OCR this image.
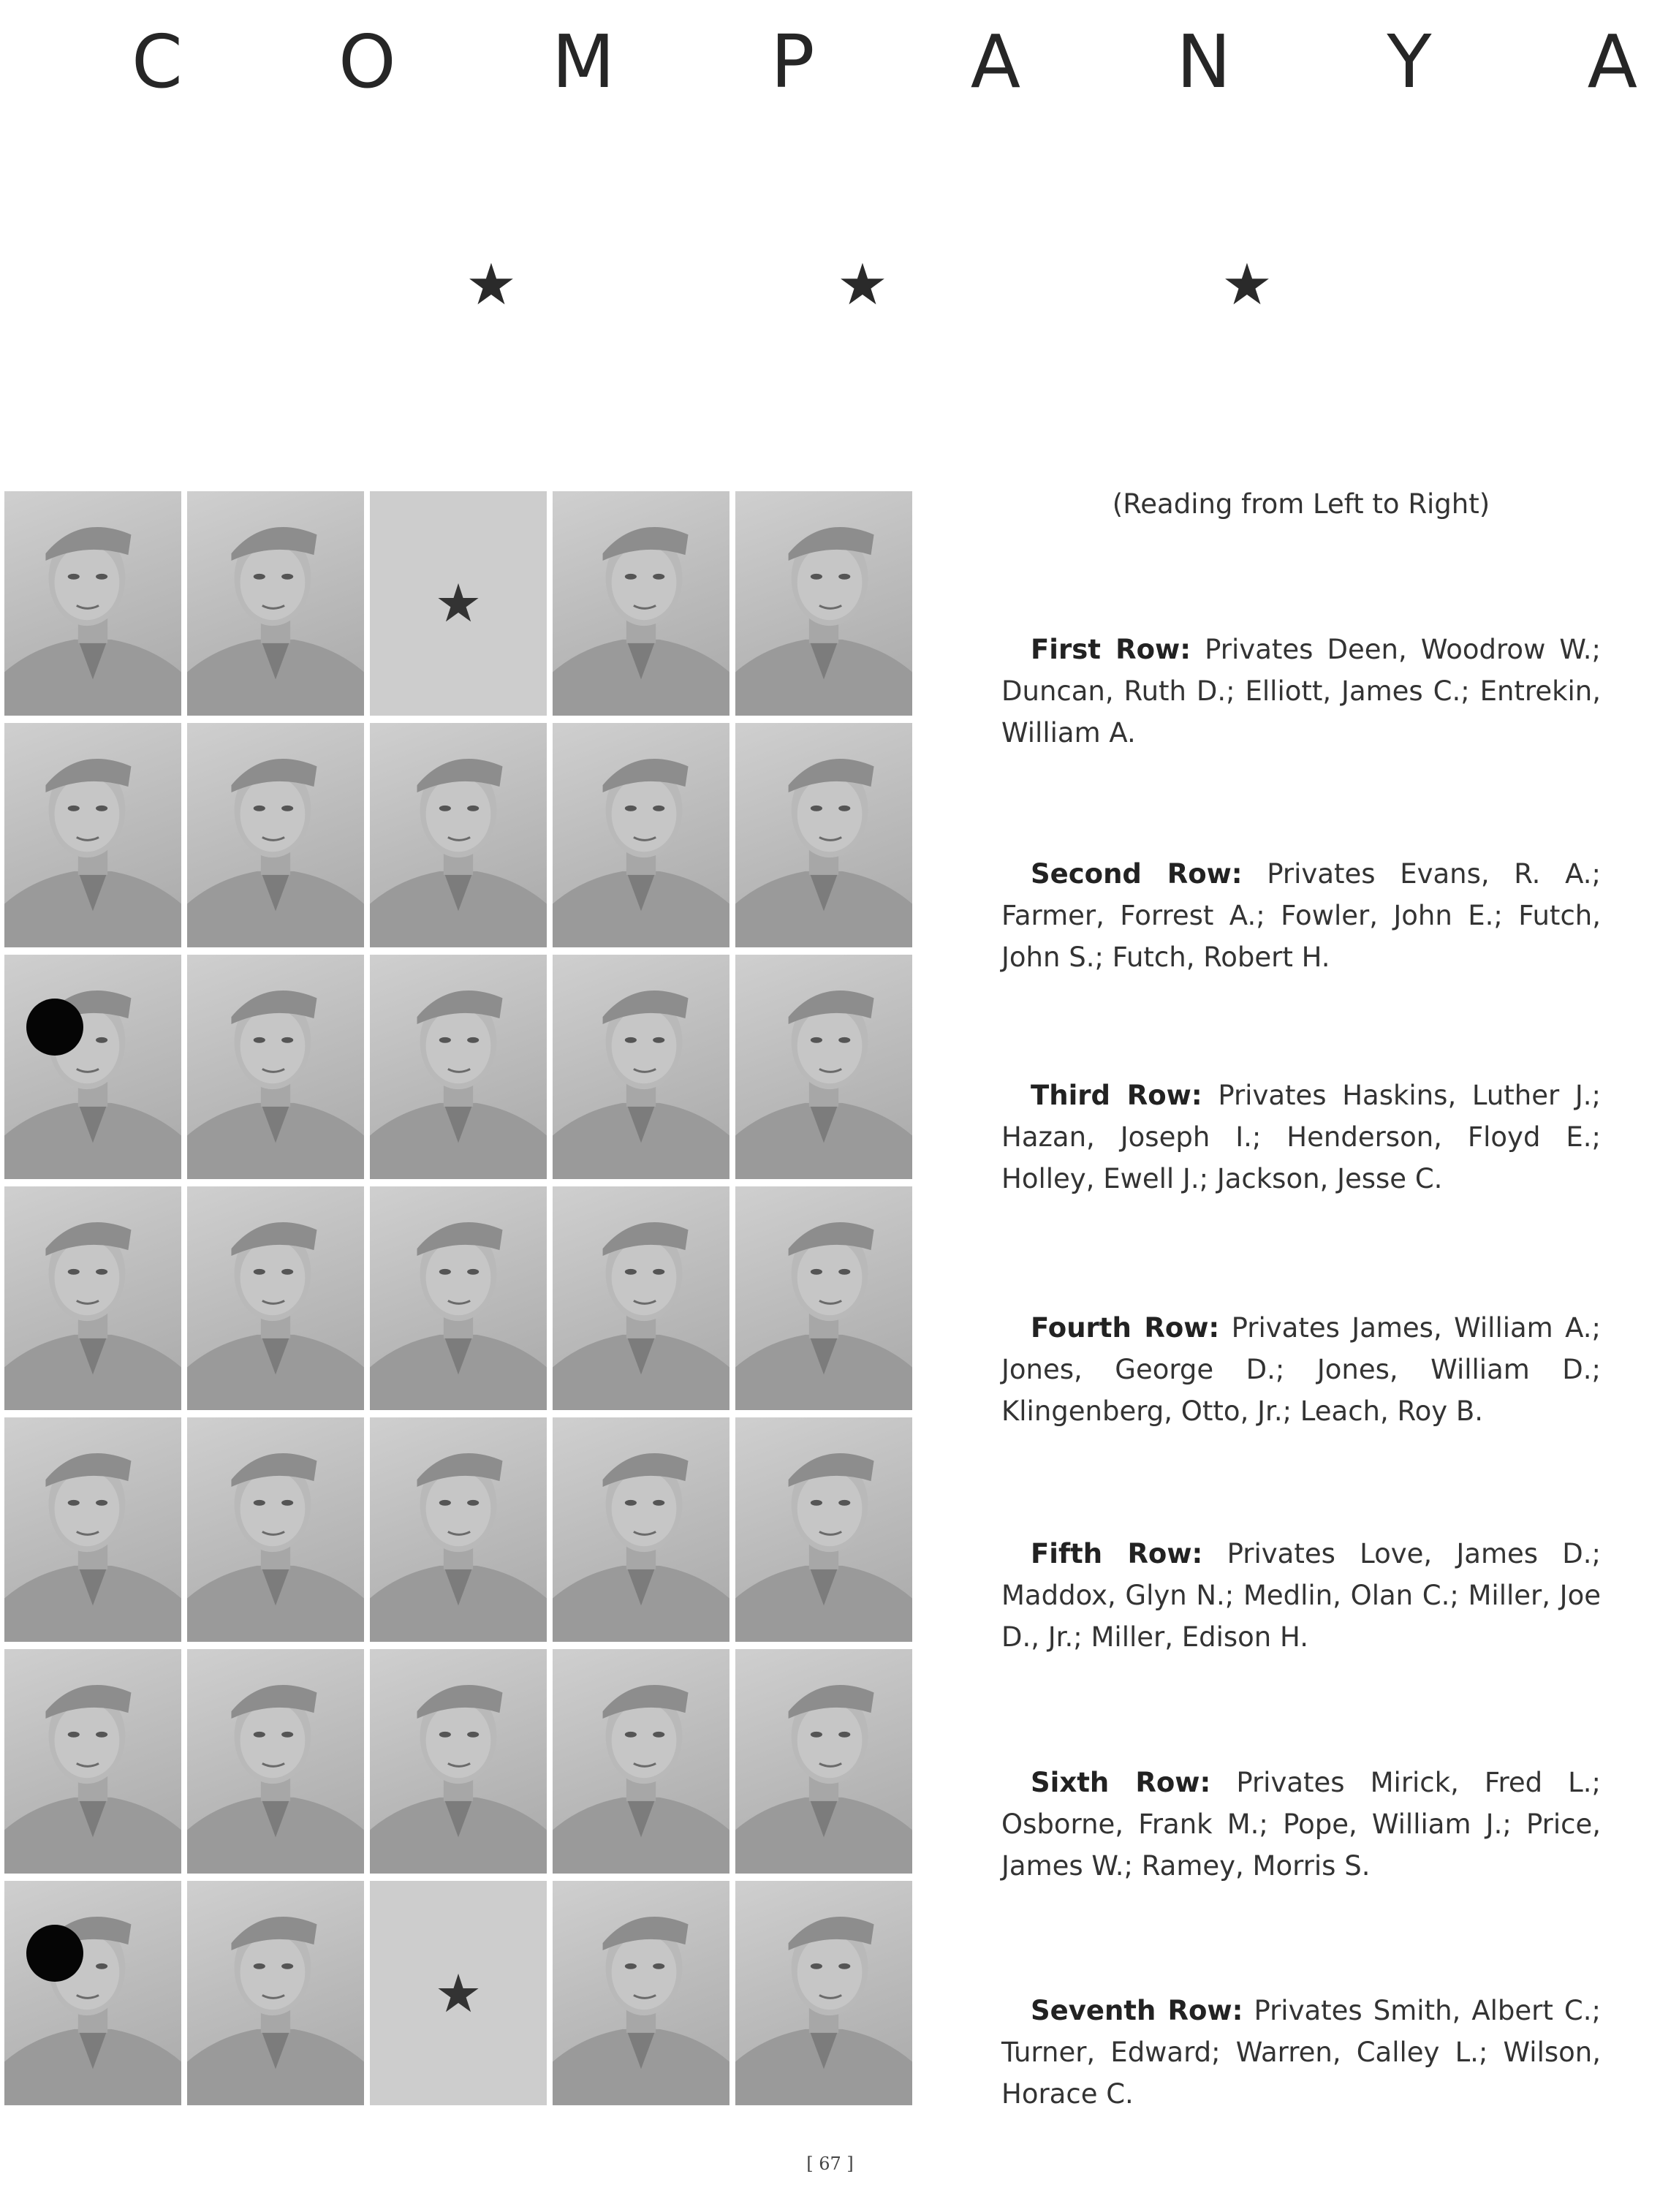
C O M P A N Y A
★	★	★
★
★
(Reading from Left to Right)
First Row: Privates Deen, Woodrow W.; Duncan, Ruth D.; Elliott, James C.; Entrekin, William A.
Second Row: Privates Evans, R. A.; Farmer, Forrest A.; Fowler, John E.; Futch, John S.; Futch, Robert H.
Third Row: Privates Haskins, Luther J.; Hazan, Joseph I.; Henderson, Floyd E.; Holley, Ewell J.; Jackson, Jesse C.
Fourth Row: Privates James, William A.; Jones, George D.; Jones, William D.; Klingenberg, Otto, Jr.; Leach, Roy B.
Fifth Row: Privates Love, James D.; Maddox, Glyn N.; Medlin, Olan C.; Miller, Joe D., Jr.; Miller, Edison H.
Sixth Row: Privates Mirick, Fred L.; Osborne, Frank M.; Pope, William J.; Price, James W.; Ramey, Morris S.
Seventh Row: Privates Smith, Albert C.; Turner, Edward; Warren, Calley L.; Wilson, Horace C.
[ 67 ]
